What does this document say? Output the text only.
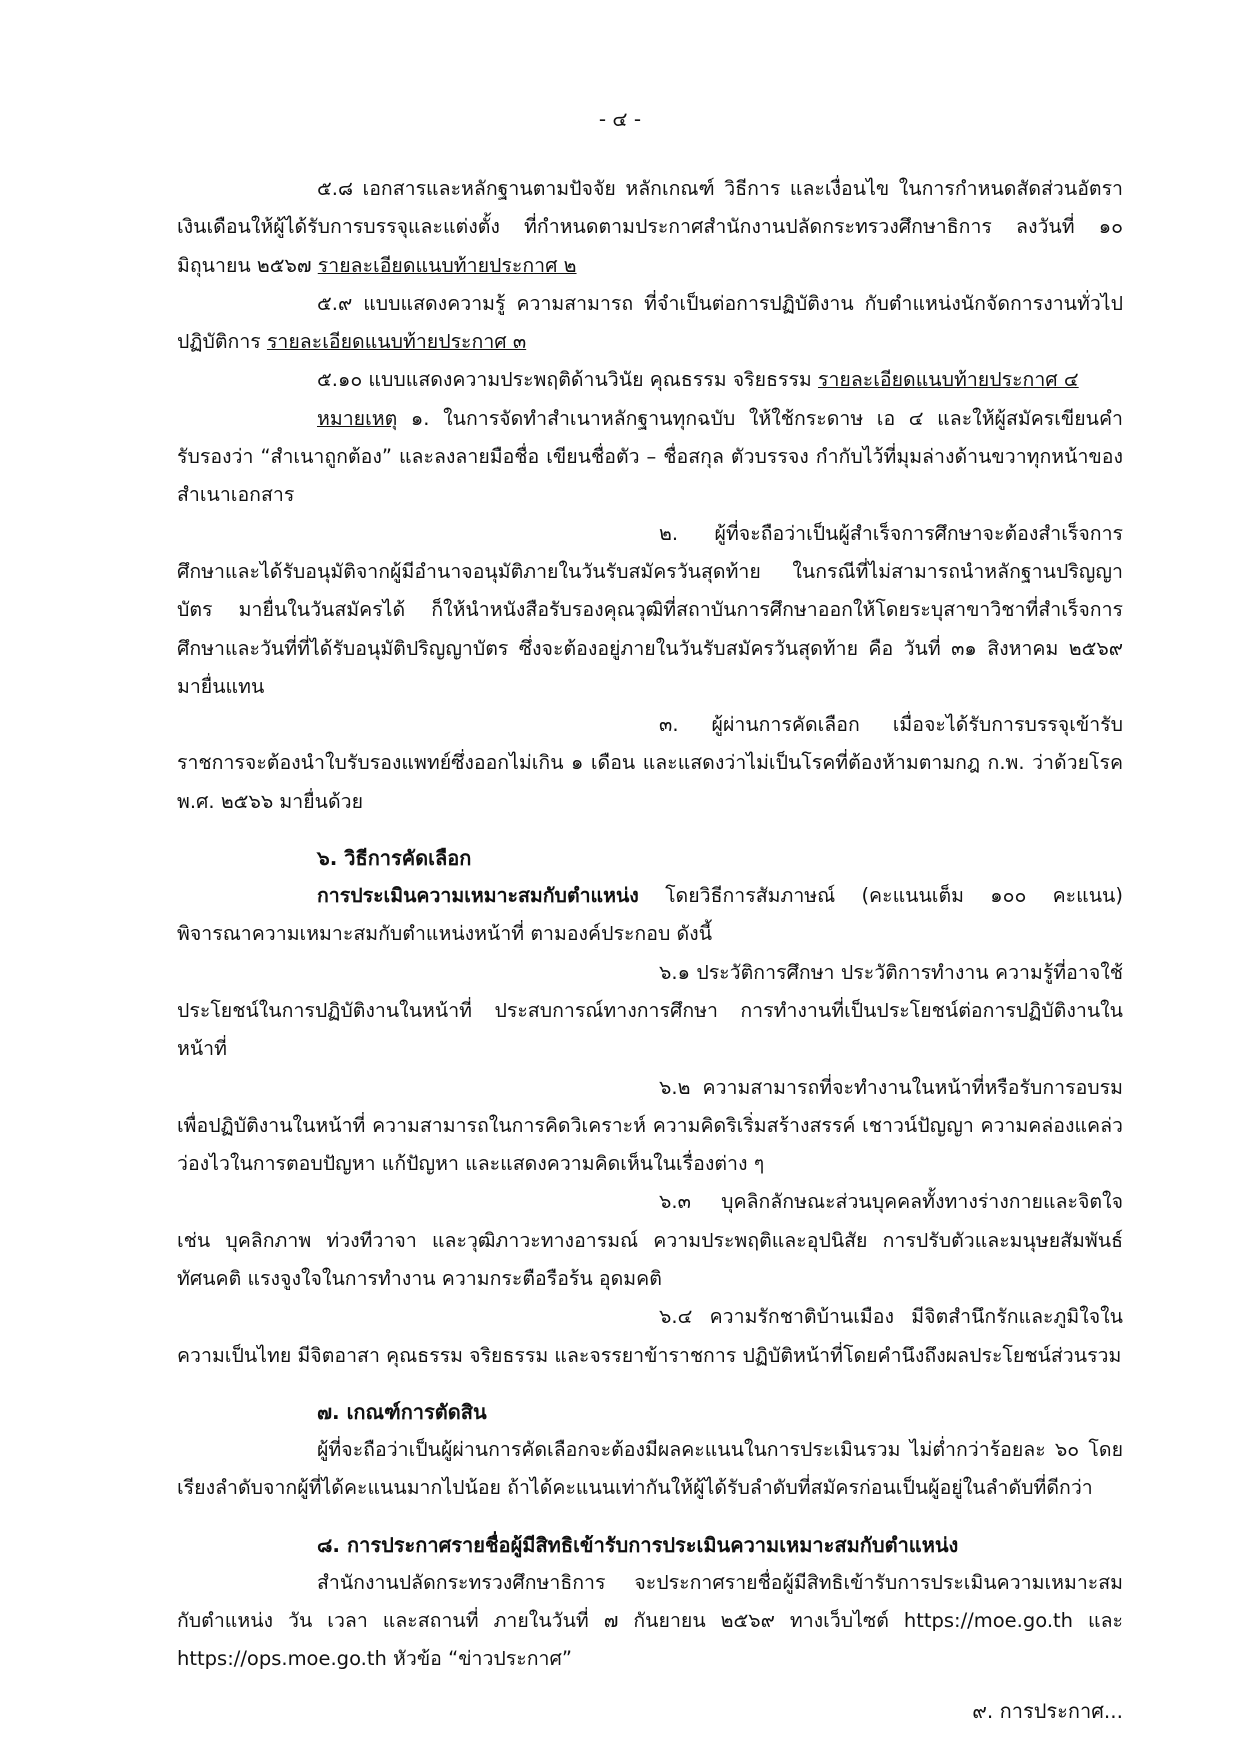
- ๔ -

๕.๘ เอกสารและหลักฐานตามปัจจัย หลักเกณฑ์ วิธีการ และเงื่อนไข ในการกำหนดสัดส่วนอัตราเงินเดือนให้ผู้ได้รับการบรรจุและแต่งตั้ง ที่กำหนดตามประกาศสำนักงานปลัดกระทรวงศึกษาธิการ ลงวันที่ ๑๐ มิถุนายน ๒๕๖๗ รายละเอียดแนบท้ายประกาศ ๒

๕.๙ แบบแสดงความรู้ ความสามารถ ที่จำเป็นต่อการปฏิบัติงาน กับตำแหน่งนักจัดการงานทั่วไปปฏิบัติการ รายละเอียดแนบท้ายประกาศ ๓

๕.๑๐ แบบแสดงความประพฤติด้านวินัย คุณธรรม จริยธรรม รายละเอียดแนบท้ายประกาศ ๔

หมายเหตุ ๑. ในการจัดทำสำเนาหลักฐานทุกฉบับ ให้ใช้กระดาษ เอ ๔ และให้ผู้สมัครเขียนคำรับรองว่า “สำเนาถูกต้อง” และลงลายมือชื่อ เขียนชื่อตัว – ชื่อสกุล ตัวบรรจง กำกับไว้ที่มุมล่างด้านขวาทุกหน้าของสำเนาเอกสาร

๒. ผู้ที่จะถือว่าเป็นผู้สำเร็จการศึกษาจะต้องสำเร็จการศึกษาและได้รับอนุมัติจากผู้มีอำนาจอนุมัติภายในวันรับสมัครวันสุดท้าย ในกรณีที่ไม่สามารถนำหลักฐานปริญญาบัตร มายื่นในวันสมัครได้ ก็ให้นำหนังสือรับรองคุณวุฒิที่สถาบันการศึกษาออกให้โดยระบุสาขาวิชาที่สำเร็จการศึกษาและวันที่ที่ได้รับอนุมัติปริญญาบัตร ซึ่งจะต้องอยู่ภายในวันรับสมัครวันสุดท้าย คือ วันที่ ๓๑ สิงหาคม ๒๕๖๙ มายื่นแทน

๓. ผู้ผ่านการคัดเลือก เมื่อจะได้รับการบรรจุเข้ารับราชการจะต้องนำใบรับรองแพทย์ซึ่งออกไม่เกิน ๑ เดือน และแสดงว่าไม่เป็นโรคที่ต้องห้ามตามกฎ ก.พ. ว่าด้วยโรค พ.ศ. ๒๕๖๖ มายื่นด้วย

๖. วิธีการคัดเลือก

การประเมินความเหมาะสมกับตำแหน่ง โดยวิธีการสัมภาษณ์ (คะแนนเต็ม ๑๐๐ คะแนน) พิจารณาความเหมาะสมกับตำแหน่งหน้าที่ ตามองค์ประกอบ ดังนี้

๖.๑ ประวัติการศึกษา ประวัติการทำงาน ความรู้ที่อาจใช้ประโยชน์ในการปฏิบัติงานในหน้าที่ ประสบการณ์ทางการศึกษา การทำงานที่เป็นประโยชน์ต่อการปฏิบัติงานในหน้าที่

๖.๒ ความสามารถที่จะทำงานในหน้าที่หรือรับการอบรม เพื่อปฏิบัติงานในหน้าที่ ความสามารถในการคิดวิเคราะห์ ความคิดริเริ่มสร้างสรรค์ เชาวน์ปัญญา ความคล่องแคล่วว่องไวในการตอบปัญหา แก้ปัญหา และแสดงความคิดเห็นในเรื่องต่าง ๆ

๖.๓ บุคลิกลักษณะส่วนบุคคลทั้งทางร่างกายและจิตใจ เช่น บุคลิกภาพ ท่วงทีวาจา และวุฒิภาวะทางอารมณ์ ความประพฤติและอุปนิสัย การปรับตัวและมนุษยสัมพันธ์ ทัศนคติ แรงจูงใจในการทำงาน ความกระตือรือร้น อุดมคติ

๖.๔ ความรักชาติบ้านเมือง มีจิตสำนึกรักและภูมิใจในความเป็นไทย มีจิตอาสา คุณธรรม จริยธรรม และจรรยาข้าราชการ ปฏิบัติหน้าที่โดยคำนึงถึงผลประโยชน์ส่วนรวม

๗. เกณฑ์การตัดสิน

ผู้ที่จะถือว่าเป็นผู้ผ่านการคัดเลือกจะต้องมีผลคะแนนในการประเมินรวม ไม่ต่ำกว่าร้อยละ ๖๐ โดยเรียงลำดับจากผู้ที่ได้คะแนนมากไปน้อย ถ้าได้คะแนนเท่ากันให้ผู้ได้รับลำดับที่สมัครก่อนเป็นผู้อยู่ในลำดับที่ดีกว่า

๘. การประกาศรายชื่อผู้มีสิทธิเข้ารับการประเมินความเหมาะสมกับตำแหน่ง

สำนักงานปลัดกระทรวงศึกษาธิการ จะประกาศรายชื่อผู้มีสิทธิเข้ารับการประเมินความเหมาะสมกับตำแหน่ง วัน เวลา และสถานที่ ภายในวันที่ ๗ กันยายน ๒๕๖๙ ทางเว็บไซต์ https://moe.go.th และ https://ops.moe.go.th หัวข้อ “ข่าวประกาศ”

๙. การประกาศ...
